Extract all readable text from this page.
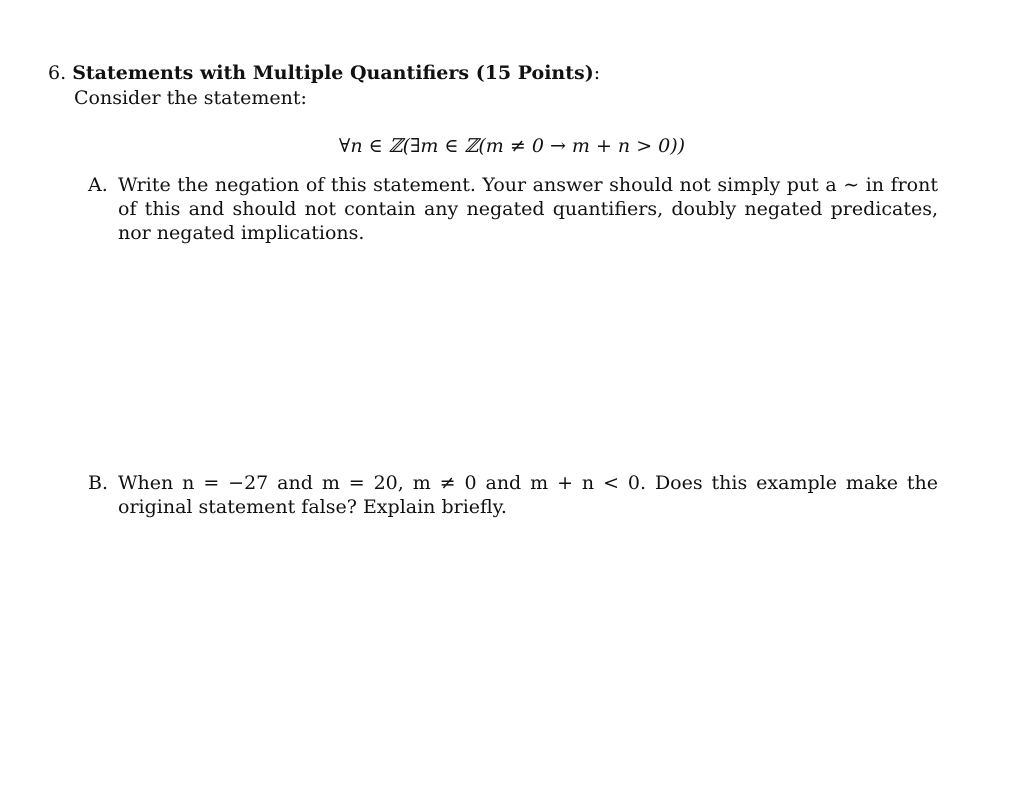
6. Statements with Multiple Quantifiers (15 Points):
Consider the statement:
∀n ∈ ℤ(∃m ∈ ℤ(m ≠ 0 → m + n > 0))
A. Write the negation of this statement. Your answer should not simply put a ∼ in front of this and should not contain any negated quantifiers, doubly negated predicates, nor negated implications.
B. When n = −27 and m = 20, m ≠ 0 and m + n < 0. Does this example make the original statement false? Explain briefly.
